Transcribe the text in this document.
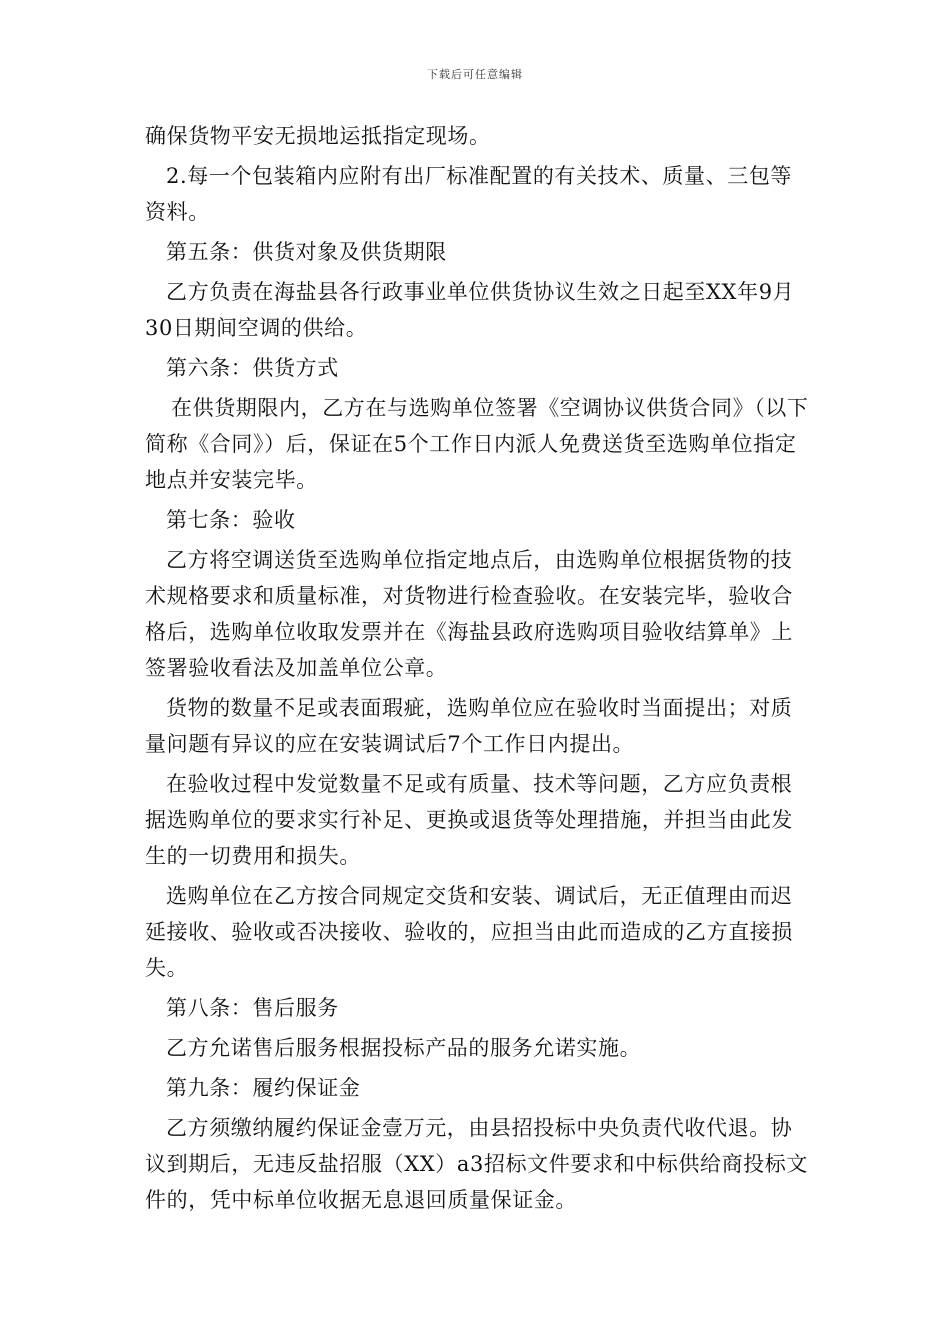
下载后可任意编辑

确保货物平安无损地运抵指定现场。

2.每一个包装箱内应附有出厂标准配置的有关技术、质量、三包等资料。

第五条：供货对象及供货期限

乙方负责在海盐县各行政事业单位供货协议生效之日起至XX年9月30日期间空调的供给。

第六条：供货方式

在供货期限内，乙方在与选购单位签署《空调协议供货合同》（以下简称《合同》）后，保证在5个工作日内派人免费送货至选购单位指定地点并安装完毕。

第七条：验收

乙方将空调送货至选购单位指定地点后，由选购单位根据货物的技术规格要求和质量标准，对货物进行检查验收。在安装完毕，验收合格后，选购单位收取发票并在《海盐县政府选购项目验收结算单》上签署验收看法及加盖单位公章。

货物的数量不足或表面瑕疵，选购单位应在验收时当面提出；对质量问题有异议的应在安装调试后7个工作日内提出。

在验收过程中发觉数量不足或有质量、技术等问题，乙方应负责根据选购单位的要求实行补足、更换或退货等处理措施，并担当由此发生的一切费用和损失。

选购单位在乙方按合同规定交货和安装、调试后，无正值理由而迟延接收、验收或否决接收、验收的，应担当由此而造成的乙方直接损失。

第八条：售后服务

乙方允诺售后服务根据投标产品的服务允诺实施。

第九条：履约保证金

乙方须缴纳履约保证金壹万元，由县招投标中央负责代收代退。协议到期后，无违反盐招服（XX）a3招标文件要求和中标供给商投标文件的，凭中标单位收据无息退回质量保证金。
